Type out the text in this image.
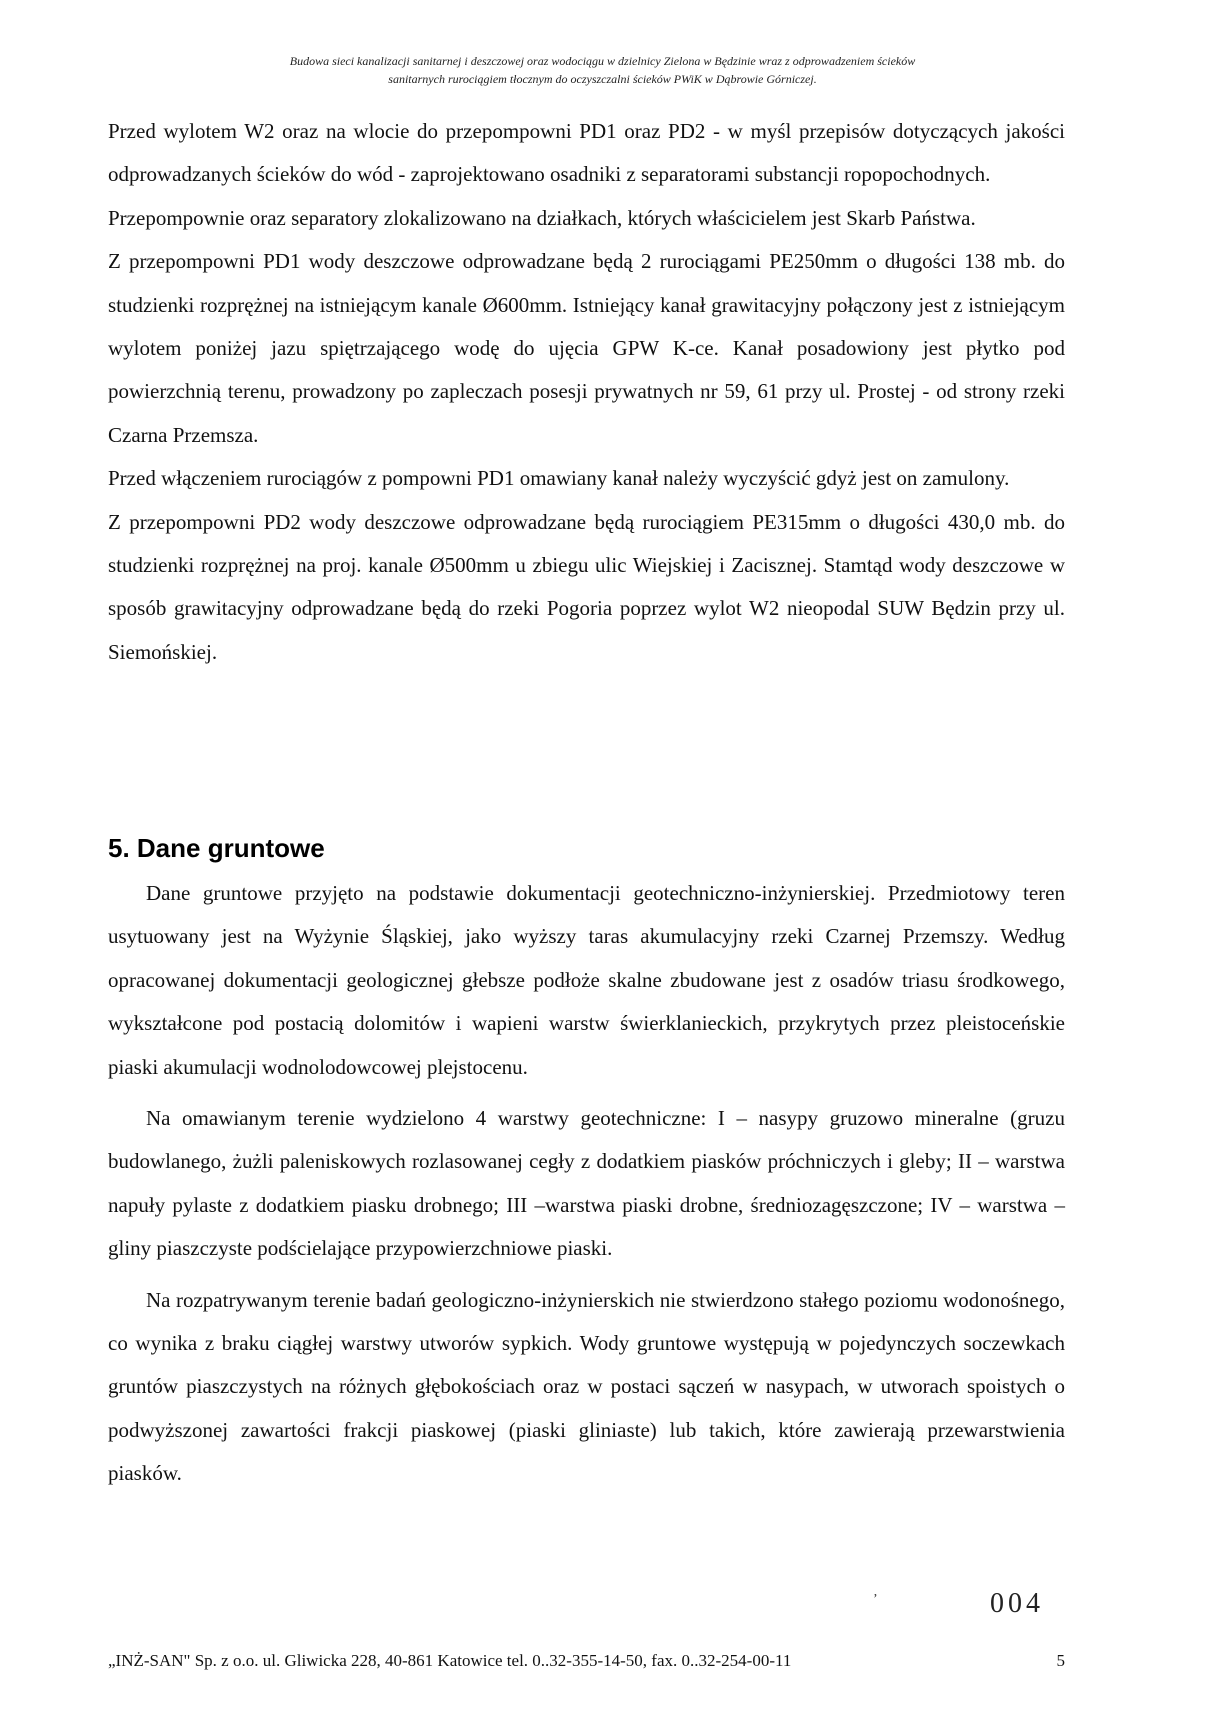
Budowa sieci kanalizacji sanitarnej i deszczowej oraz wodociągu w dzielnicy Zielona w Będzinie wraz z odprowadzeniem ścieków
sanitarnych rurociągiem tłocznym do oczyszczalni ścieków PWiK w Dąbrowie Górniczej.

Przed wylotem W2 oraz na wlocie do przepompowni PD1 oraz PD2 - w myśl przepisów dotyczących jakości odprowadzanych ścieków do wód - zaprojektowano osadniki z separatorami substancji ropopochodnych.

Przepompownie oraz separatory zlokalizowano na działkach, których właścicielem jest Skarb Państwa.

Z przepompowni PD1 wody deszczowe odprowadzane będą 2 rurociągami PE250mm o długości 138 mb. do studzienki rozprężnej na istniejącym kanale Ø600mm. Istniejący kanał grawitacyjny połączony jest z istniejącym wylotem poniżej jazu spiętrzającego wodę do ujęcia GPW K-ce. Kanał posadowiony jest płytko pod powierzchnią terenu, prowadzony po zapleczach posesji prywatnych nr 59, 61 przy ul. Prostej - od strony rzeki Czarna Przemsza.

Przed włączeniem rurociągów z pompowni PD1 omawiany kanał należy wyczyścić gdyż jest on zamulony.

Z przepompowni PD2 wody deszczowe odprowadzane będą rurociągiem PE315mm o długości 430,0 mb. do studzienki rozprężnej na proj. kanale Ø500mm u zbiegu ulic Wiejskiej i Zacisznej. Stamtąd wody deszczowe w sposób grawitacyjny odprowadzane będą do rzeki Pogoria poprzez wylot W2 nieopodal SUW Będzin przy ul. Siemońskiej.

5. Dane gruntowe

Dane gruntowe przyjęto na podstawie dokumentacji geotechniczno-inżynierskiej. Przedmiotowy teren usytuowany jest na Wyżynie Śląskiej, jako wyższy taras akumulacyjny rzeki Czarnej Przemszy. Według opracowanej dokumentacji geologicznej głebsze podłoże skalne zbudowane jest z osadów triasu środkowego, wykształcone pod postacią dolomitów i wapieni warstw świerklanieckich, przykrytych przez pleistoceńskie piaski akumulacji wodnolodowcowej plejstocenu.

Na omawianym terenie wydzielono 4 warstwy geotechniczne: I – nasypy gruzowo mineralne (gruzu budowlanego, żużli paleniskowych rozlasowanej cegły z dodatkiem piasków próchniczych i gleby; II – warstwa napuły pylaste z dodatkiem piasku drobnego; III –warstwa piaski drobne, średniozagęszczone; IV – warstwa – gliny piaszczyste podścielające przypowierzchniowe piaski.

Na rozpatrywanym terenie badań geologiczno-inżynierskich nie stwierdzono stałego poziomu wodonośnego, co wynika z braku ciągłej warstwy utworów sypkich. Wody gruntowe występują w pojedynczych soczewkach gruntów piaszczystych na różnych głębokościach oraz w postaci sączeń w nasypach, w utworach spoistych o podwyższonej zawartości frakcji piaskowej (piaski gliniaste) lub takich, które zawierają przewarstwienia piasków.

ʼ	004
„INŻ-SAN" Sp. z o.o. ul. Gliwicka 228, 40-861 Katowice tel. 0..32-355-14-50, fax. 0..32-254-00-11	5
